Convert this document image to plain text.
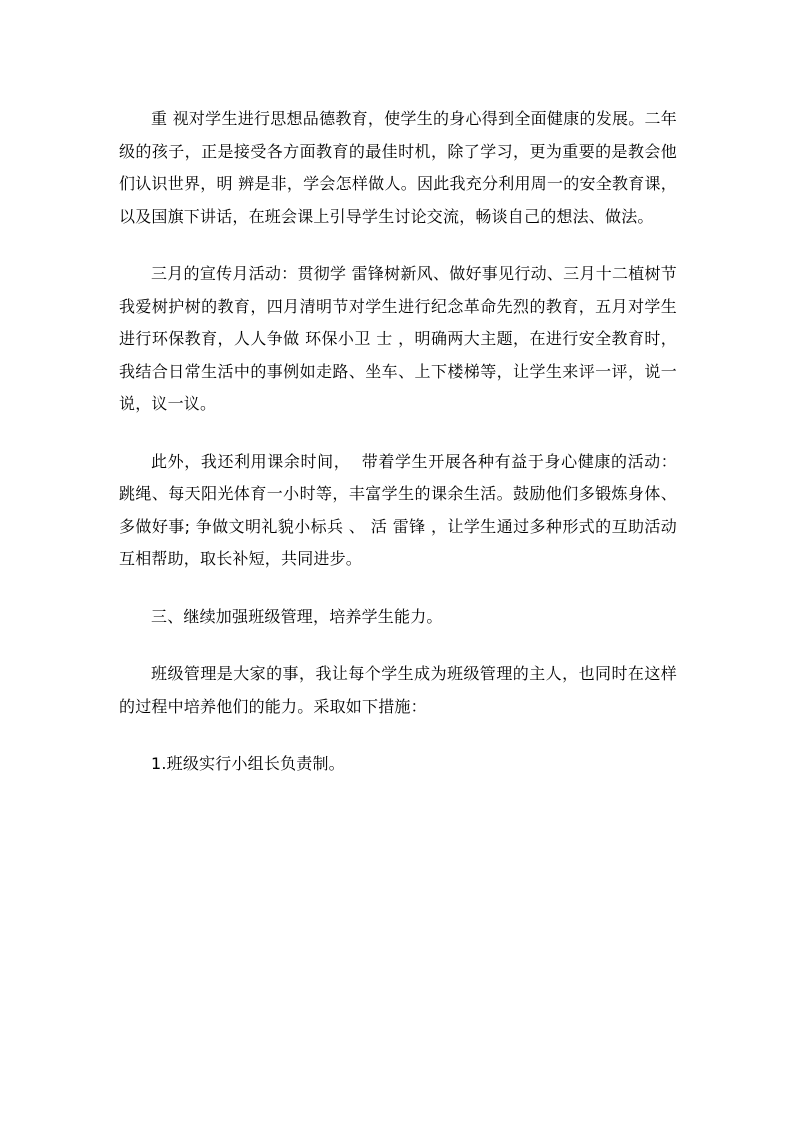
重 视对学生进行思想品德教育，使学生的身心得到全面健康的发展。二年级的孩子，正是接受各方面教育的最佳时机，除了学习，更为重要的是教会他们认识世界，明 辨是非，学会怎样做人。因此我充分利用周一的安全教育课，以及国旗下讲话，在班会课上引导学生讨论交流，畅谈自己的想法、做法。

三月的宣传月活动：贯彻学 雷锋树新风、做好事见行动、三月十二植树节我爱树护树的教育，四月清明节对学生进行纪念革命先烈的教育，五月对学生进行环保教育，人人争做 环保小卫 士 ，明确两大主题，在进行安全教育时，我结合日常生活中的事例如走路、坐车、上下楼梯等，让学生来评一评，说一说，议一议。

此外，我还利用课余时间，  带着学生开展各种有益于身心健康的活动：跳绳、每天阳光体育一小时等，丰富学生的课余生活。鼓励他们多锻炼身体、多做好事; 争做文明礼貌小标兵 、 活 雷锋 ，让学生通过多种形式的互助活动互相帮助，取长补短，共同进步。

三、继续加强班级管理，培养学生能力。

班级管理是大家的事，我让每个学生成为班级管理的主人，也同时在这样的过程中培养他们的能力。采取如下措施：

1.班级实行小组长负责制。
